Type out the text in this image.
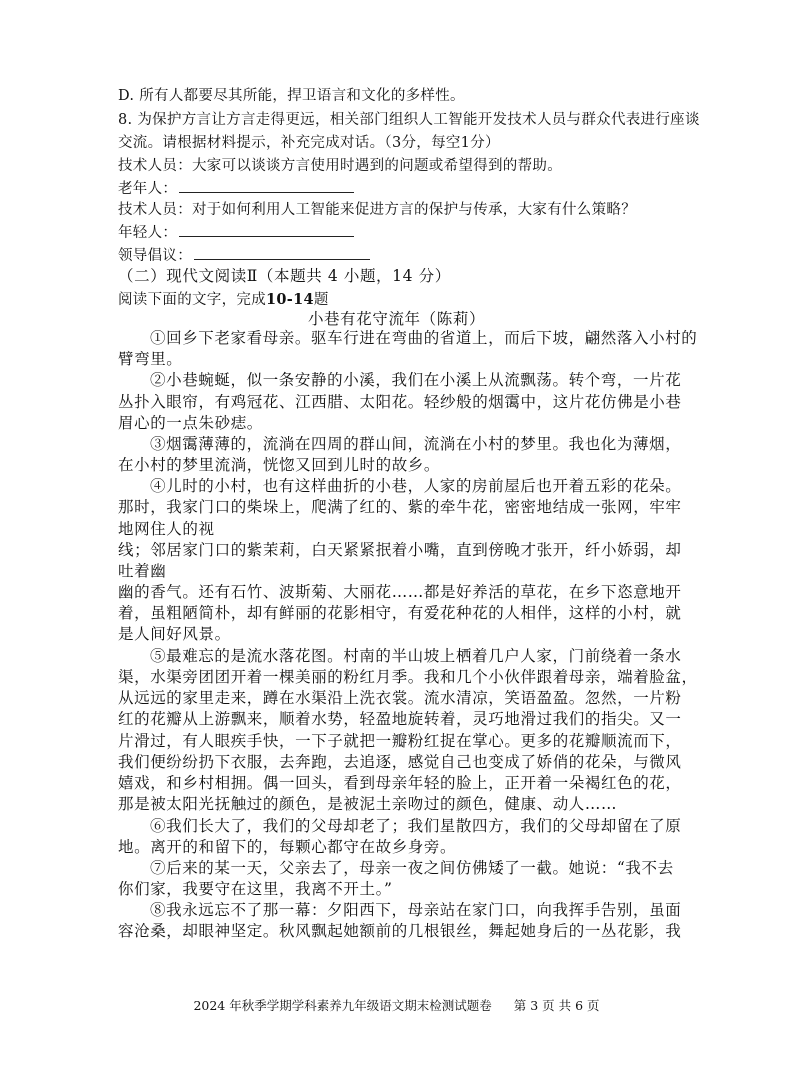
D. 所有人都要尽其所能，捍卫语言和文化的多样性。
8. 为保护方言让方言走得更远，相关部门组织人工智能开发技术人员与群众代表进行座谈
交流。请根据材料提示，补充完成对话。（3分，每空1分）
技术人员：大家可以谈谈方言使用时遇到的问题或希望得到的帮助。
老年人：
技术人员：对于如何利用人工智能来促进方言的保护与传承，大家有什么策略？
年轻人：
领导倡议：
（二）现代文阅读Ⅱ（本题共 4 小题，14 分）
阅读下面的文字，完成10-14题
小巷有花守流年（陈莉）
①回乡下老家看母亲。驱车行进在弯曲的省道上，而后下坡，翩然落入小村的
臂弯里。
②小巷蜿蜒，似一条安静的小溪，我们在小溪上从流飘荡。转个弯，一片花
丛扑入眼帘，有鸡冠花、江西腊、太阳花。轻纱般的烟霭中，这片花仿佛是小巷
眉心的一点朱砂痣。
③烟霭薄薄的，流淌在四周的群山间，流淌在小村的梦里。我也化为薄烟，
在小村的梦里流淌，恍惚又回到儿时的故乡。
④儿时的小村，也有这样曲折的小巷，人家的房前屋后也开着五彩的花朵。
那时，我家门口的柴垛上，爬满了红的、紫的牵牛花，密密地结成一张网，牢牢
地网住人的视
线；邻居家门口的紫茉莉，白天紧紧抿着小嘴，直到傍晚才张开，纤小娇弱，却
吐着幽
幽的香气。还有石竹、波斯菊、大丽花……都是好养活的草花，在乡下恣意地开
着，虽粗陋简朴，却有鲜丽的花影相守，有爱花种花的人相伴，这样的小村，就
是人间好风景。
⑤最难忘的是流水落花图。村南的半山坡上栖着几户人家，门前绕着一条水
渠，水渠旁团团开着一棵美丽的粉红月季。我和几个小伙伴跟着母亲，端着脸盆，
从远远的家里走来，蹲在水渠沿上洗衣裳。流水清凉，笑语盈盈。忽然，一片粉
红的花瓣从上游飘来，顺着水势，轻盈地旋转着，灵巧地滑过我们的指尖。又一
片滑过，有人眼疾手快，一下子就把一瓣粉红捉在掌心。更多的花瓣顺流而下，
我们便纷纷扔下衣服，去奔跑，去追逐，感觉自己也变成了娇俏的花朵，与微风
嬉戏，和乡村相拥。偶一回头，看到母亲年轻的脸上，正开着一朵褐红色的花，
那是被太阳光抚触过的颜色，是被泥土亲吻过的颜色，健康、动人……
⑥我们长大了，我们的父母却老了；我们星散四方，我们的父母却留在了原
地。离开的和留下的，每颗心都守在故乡身旁。
⑦后来的某一天，父亲去了，母亲一夜之间仿佛矮了一截。她说：“我不去
你们家，我要守在这里，我离不开土。”
⑧我永远忘不了那一幕：夕阳西下，母亲站在家门口，向我挥手告别，虽面
容沧桑，却眼神坚定。秋风飘起她额前的几根银丝，舞起她身后的一丛花影，我
2024 年秋季学期学科素养九年级语文期末检测试题卷 第 3 页 共 6 页
